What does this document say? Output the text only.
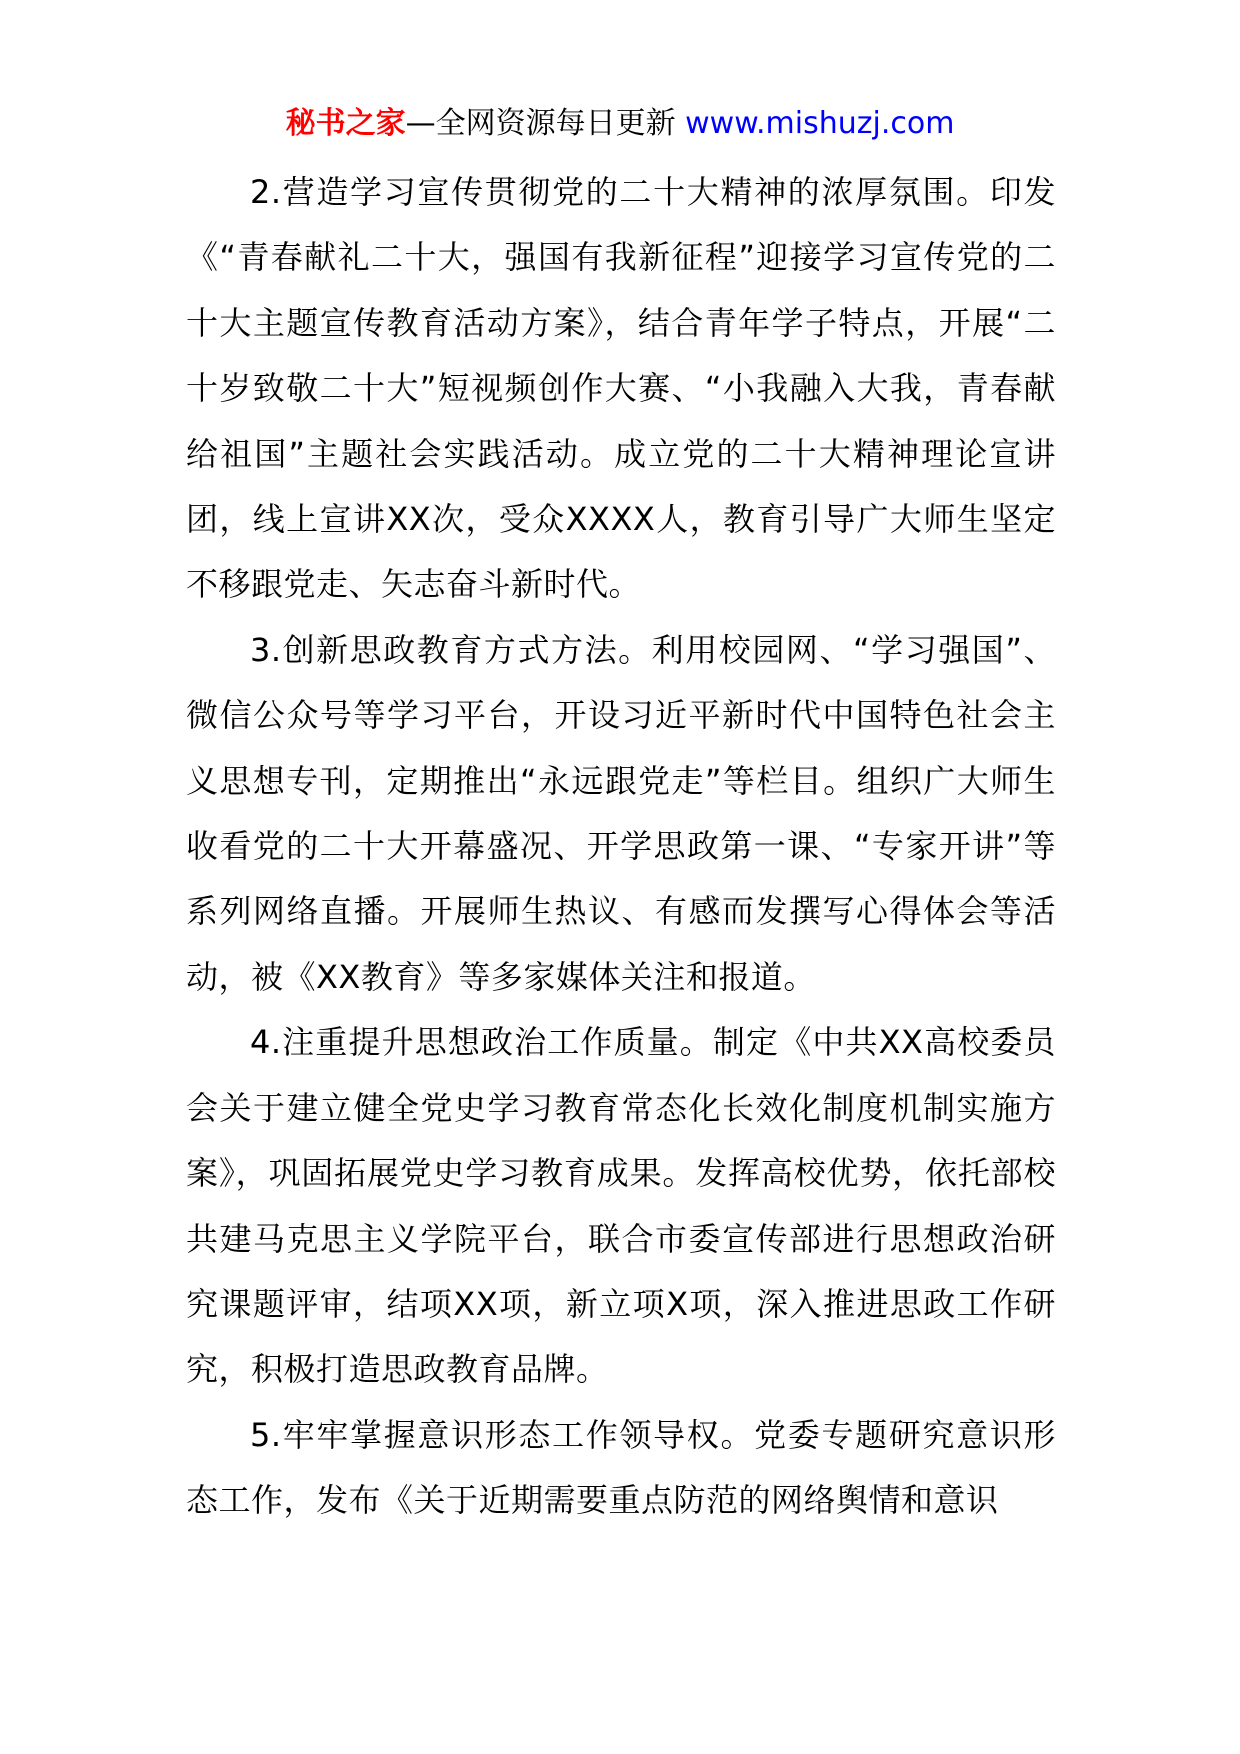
秘书之家—全网资源每日更新 www.mishuzj.com

2.营造学习宣传贯彻党的二十大精神的浓厚氛围。印发《“青春献礼二十大，强国有我新征程”迎接学习宣传党的二十大主题宣传教育活动方案》，结合青年学子特点，开展“二十岁致敬二十大”短视频创作大赛、“小我融入大我，青春献给祖国”主题社会实践活动。成立党的二十大精神理论宣讲团，线上宣讲XX次，受众XXXX人，教育引导广大师生坚定不移跟党走、矢志奋斗新时代。

3.创新思政教育方式方法。利用校园网、“学习强国”、微信公众号等学习平台，开设习近平新时代中国特色社会主义思想专刊，定期推出“永远跟党走”等栏目。组织广大师生收看党的二十大开幕盛况、开学思政第一课、“专家开讲”等系列网络直播。开展师生热议、有感而发撰写心得体会等活动，被《XX教育》等多家媒体关注和报道。

4.注重提升思想政治工作质量。制定《中共XX高校委员会关于建立健全党史学习教育常态化长效化制度机制实施方案》，巩固拓展党史学习教育成果。发挥高校优势，依托部校共建马克思主义学院平台，联合市委宣传部进行思想政治研究课题评审，结项XX项，新立项X项，深入推进思政工作研究，积极打造思政教育品牌。

5.牢牢掌握意识形态工作领导权。党委专题研究意识形态工作，发布《关于近期需要重点防范的网络舆情和意识
